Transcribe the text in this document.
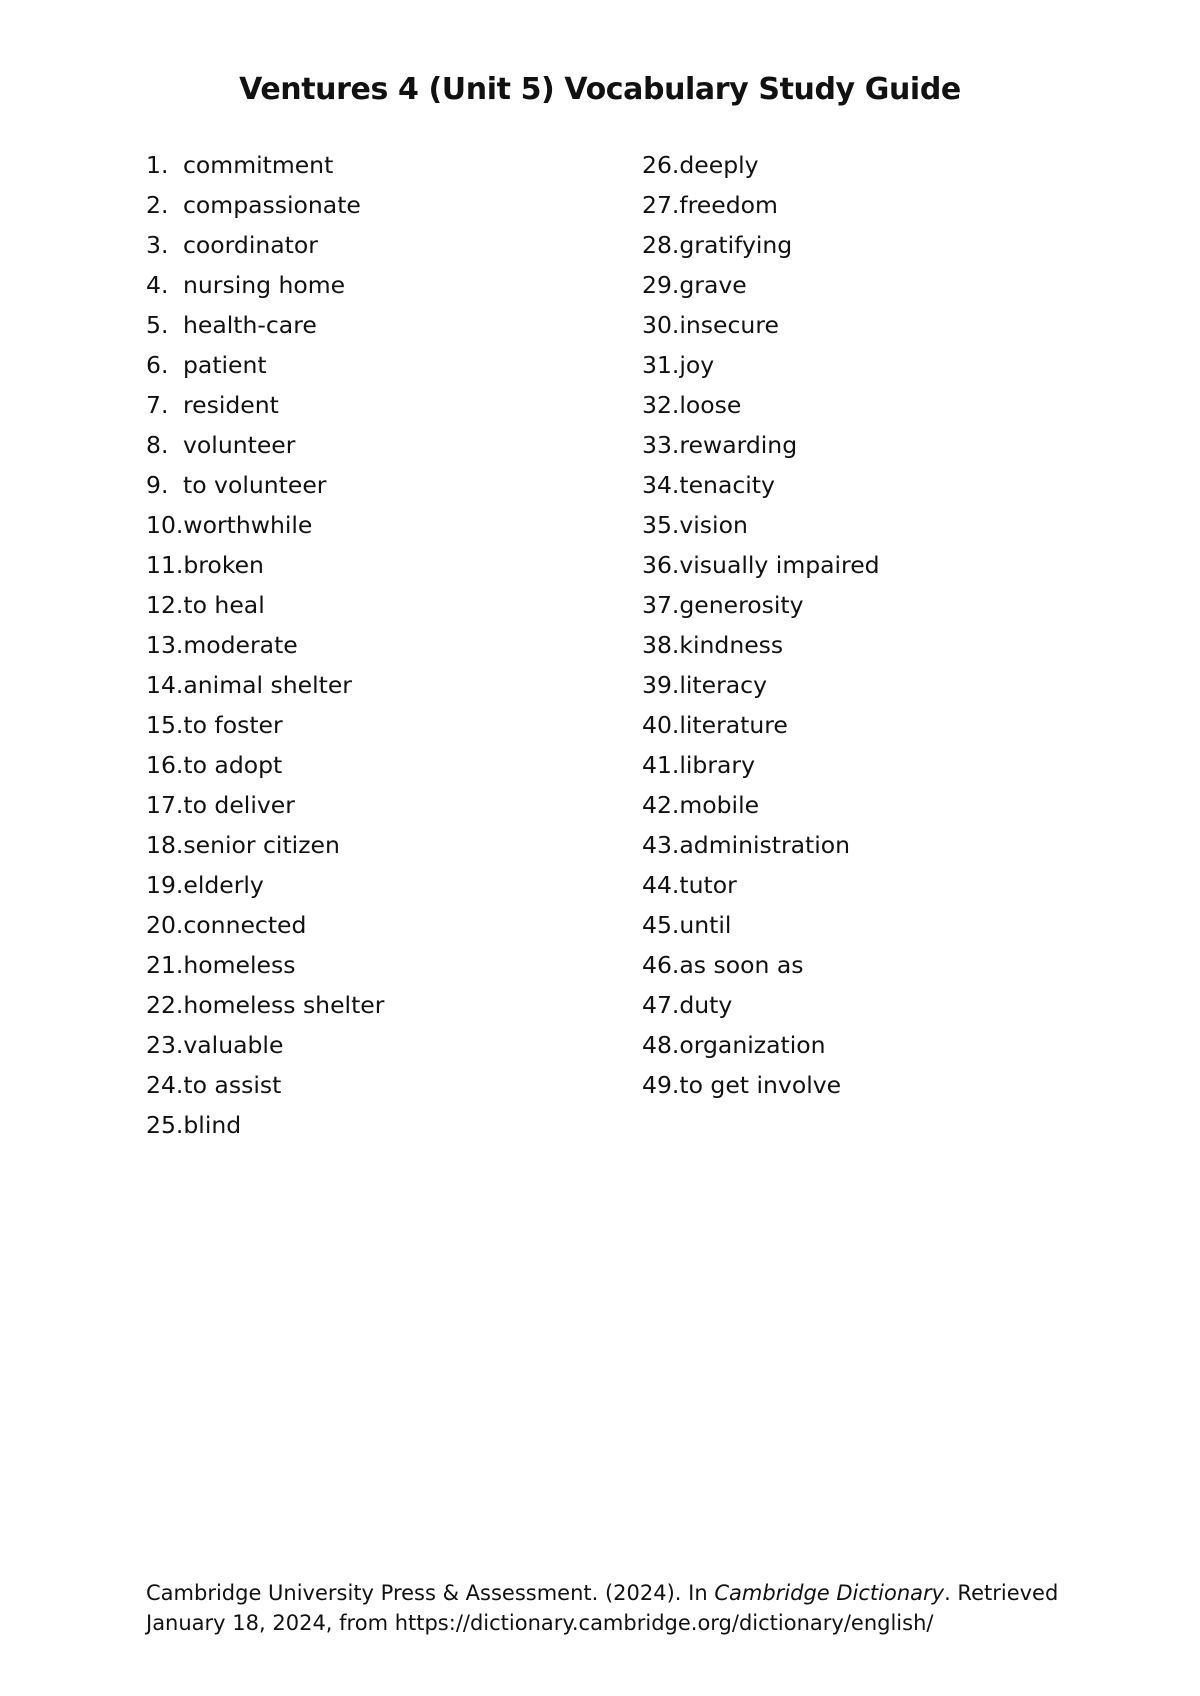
Ventures 4 (Unit 5) Vocabulary Study Guide
1. commitment
2. compassionate
3. coordinator
4. nursing home
5. health-care
6. patient
7. resident
8. volunteer
9. to volunteer
10.worthwhile
11.broken
12.to heal
13.moderate
14.animal shelter
15.to foster
16.to adopt
17.to deliver
18.senior citizen
19.elderly
20.connected
21.homeless
22.homeless shelter
23.valuable
24.to assist
25.blind
26.deeply
27.freedom
28.gratifying
29.grave
30.insecure
31.joy
32.loose
33.rewarding
34.tenacity
35.vision
36.visually impaired
37.generosity
38.kindness
39.literacy
40.literature
41.library
42.mobile
43.administration
44.tutor
45.until
46.as soon as
47.duty
48.organization
49.to get involve
Cambridge University Press & Assessment. (2024). In Cambridge Dictionary. Retrieved
January 18, 2024, from https://dictionary.cambridge.org/dictionary/english/
